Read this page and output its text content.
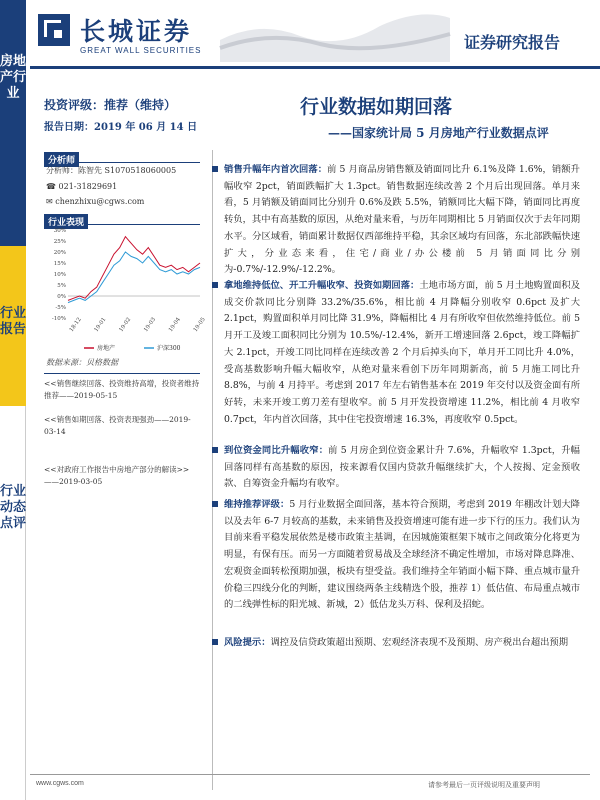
长城证券
GREAT WALL SECURITIES	证券研究报告
房地产行业
行业报告
行业动态点评
投资评级：推荐（维持）
报告日期：2019 年 06 月 14 日
分析师
分析师：陈智先 S1070518060005
☎ 021-31829691
✉ chenzhixu@cgws.com
行业表现
30%
25%
20%
15%
10%
5%
0%
-5%
-10% 18-12 19-01 19-02 19-03 19-04 19-05
房地产	沪深300
数据来源：贝格数据
<<销售继续回落、投资维持高增，投资者维持推荐——2019-05-15
<<销售如期回落、投资表现强劲——2019-03-14
<<对政府工作报告中房地产部分的解读>>——2019-03-05
行业数据如期回落
——国家统计局 5 月房地产行业数据点评
销售升幅年内首次回落：前 5 月商品房销售额及销面同比升 6.1%及降 1.6%，销额升幅收窄 2pct，销面跌幅扩大 1.3pct。销售数据连续改善 2 个月后出现回落。单月来看，5 月销额及销面同比分别升 0.6%及跌 5.5%，销额同比大幅下降，销面同比再度转负，其中有高基数的原因，从绝对量来看，与历年同期相比 5 月销面仅次于去年同期水平。分区域看，销面累计数据仅西部维持平稳，其余区域均有回落，东北部跌幅快速扩大，分业态来看，住宅/商业/办公楼前 5 月销面同比分别为-0.7%/-12.9%/-12.2%。
拿地维持低位、开工升幅收窄、投资如期回落：土地市场方面，前 5 月土地购置面积及成交价款同比分别降 33.2%/35.6%，相比前 4 月降幅分别收窄 0.6pct 及扩大 2.1pct，购置面积单月同比降 31.9%，降幅相比 4 月有所收窄但依然维持低位。前 5 月开工及竣工面积同比分别为 10.5%/-12.4%，新开工增速回落 2.6pct，竣工降幅扩大 2.1pct，开竣工同比同样在连续改善 2 个月后掉头向下，单月开工同比升 4.0%，受高基数影响升幅大幅收窄，从绝对量来看创下历年同期新高，前 5 月施工同比升 8.8%，与前 4 月持平。考虑到 2017 年左右销售基本在 2019 年交付以及资金面有所好转，未来开竣工剪刀差有望收窄。前 5 月开发投资增速 11.2%，相比前 4 月收窄 0.7pct，年内首次回落，其中住宅投资增速 16.3%，再度收窄 0.5pct。
到位资金同比升幅收窄：前 5 月房企到位资金累计升 7.6%，升幅收窄 1.3pct，升幅回落同样有高基数的原因，按来源看仅国内贷款升幅继续扩大，个人按揭、定金预收款、自筹资金升幅均有收窄。
维持推荐评级：5 月行业数据全面回落，基本符合预期，考虑到 2019 年棚改计划大降以及去年 6-7 月较高的基数，未来销售及投资增速可能有进一步下行的压力。我们认为目前来看平稳发展依然是楼市政策主基调，在因城施策框架下城市之间政策分化将更为明显，有保有压。而另一方面随着贸易战及全球经济不确定性增加，市场对降息降准、宏观资金面转松预期加强，板块有望受益。我们维持全年销面小幅下降、重点城市量升价稳三四线分化的判断，建议围绕两条主线精选个股，推荐 1）低估值、布局重点城市的二线弹性标的阳光城、新城，2）低估龙头万科、保利及招蛇。
风险提示：调控及信贷政策超出预期、宏观经济表现不及预期、房产税出台超出预期
www.cgws.com	请参考最后一页评级说明及重要声明
